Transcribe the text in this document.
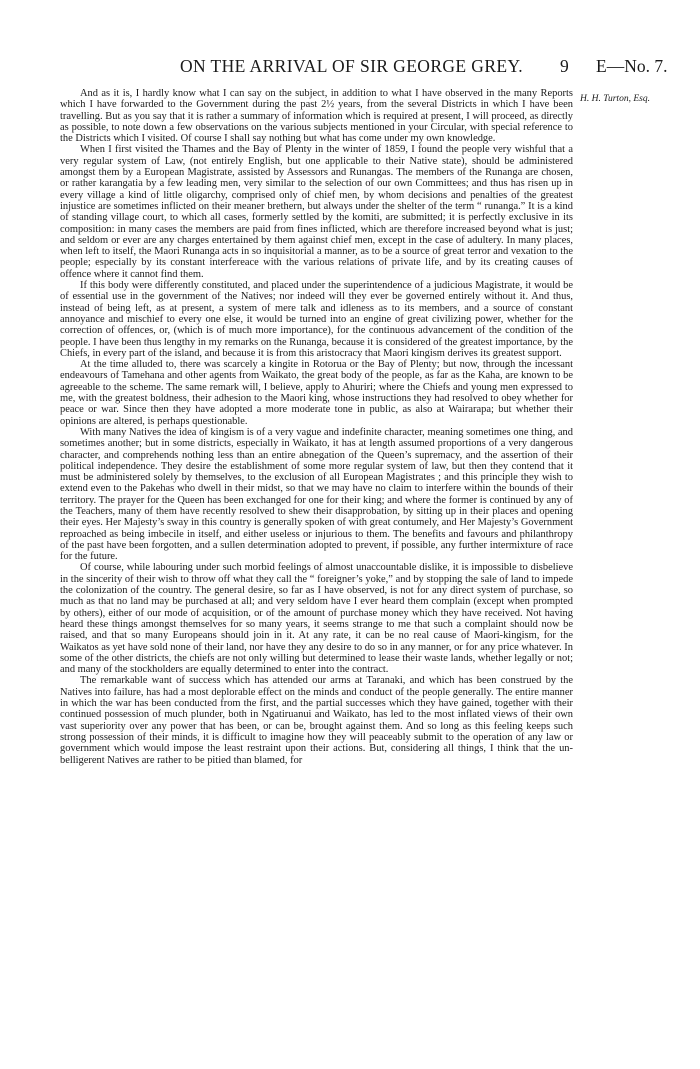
ON THE ARRIVAL OF SIR GEORGE GREY. 9 E—No. 7.
H. H. Turton, Esq.

And as it is, I hardly know what I can say on the subject, in addition to what I have observed in the many Reports which I have forwarded to the Government during the past 2½ years, from the several Districts in which I have been travelling. But as you say that it is rather a summary of information which is required at present, I will proceed, as directly as possible, to note down a few observations on the various subjects mentioned in your Circular, with special reference to the Districts which I visited. Of course I shall say nothing but what has come under my own knowledge.

When I first visited the Thames and the Bay of Plenty in the winter of 1859, I found the people very wishful that a very regular system of Law, (not entirely English, but one applicable to their Native state), should be administered amongst them by a European Magistrate, assisted by Assessors and Runangas. The members of the Runanga are chosen, or rather karangatia by a few leading men, very similar to the selection of our own Committees; and thus has risen up in every village a kind of little oligarchy, comprised only of chief men, by whom decisions and penalties of the greatest injustice are sometimes inflicted on their meaner brethern, but always under the shelter of the term “ runanga.” It is a kind of standing village court, to which all cases, formerly settled by the komiti, are submitted; it is perfectly exclusive in its composition: in many cases the members are paid from fines inflicted, which are therefore increased beyond what is just; and seldom or ever are any charges entertained by them against chief men, except in the case of adultery. In many places, when left to itself, the Maori Runanga acts in so inquisitorial a manner, as to be a source of great terror and vexation to the people; especially by its constant interfereace with the various relations of private life, and by its creating causes of offence where it cannot find them.

If this body were differently constituted, and placed under the superintendence of a judicious Magistrate, it would be of essential use in the government of the Natives; nor indeed will they ever be governed entirely without it. And thus, instead of being left, as at present, a system of mere talk and idleness as to its members, and a source of constant annoyance and mischief to every one else, it would be turned into an engine of great civilizing power, whether for the correction of offences, or, (which is of much more importance), for the continuous advancement of the condition of the people. I have been thus lengthy in my remarks on the Runanga, because it is considered of the greatest importance, by the Chiefs, in every part of the island, and because it is from this aristocracy that Maori kingism derives its greatest support.

At the time alluded to, there was scarcely a kingite in Rotorua or the Bay of Plenty; but now, through the incessant endeavours of Tamehana and other agents from Waikato, the great body of the people, as far as the Kaha, are known to be agreeable to the scheme. The same remark will, I believe, apply to Ahuriri; where the Chiefs and young men expressed to me, with the greatest boldness, their adhesion to the Maori king, whose instructions they had resolved to obey whether for peace or war. Since then they have adopted a more moderate tone in public, as also at Wairarapa; but whether their opinions are altered, is perhaps questionable.

With many Natives the idea of kingism is of a very vague and indefinite character, meaning sometimes one thing, and sometimes another; but in some districts, especially in Waikato, it has at length assumed proportions of a very dangerous character, and comprehends nothing less than an entire abnegation of the Queen’s supremacy, and the assertion of their political independence. They desire the establishment of some more regular system of law, but then they contend that it must be administered solely by themselves, to the exclusion of all European Magistrates ; and this principle they wish to extend even to the Pakehas who dwell in their midst, so that we may have no claim to interfere within the bounds of their territory. The prayer for the Queen has been exchanged for one for their king; and where the former is continued by any of the Teachers, many of them have recently resolved to shew their disapprobation, by sitting up in their places and opening their eyes. Her Majesty’s sway in this country is generally spoken of with great contumely, and Her Majesty’s Government reproached as being imbecile in itself, and either useless or injurious to them. The benefits and favours and philanthropy of the past have been forgotten, and a sullen determination adopted to prevent, if possible, any further intermixture of race for the future.

Of course, while labouring under such morbid feelings of almost unaccountable dislike, it is impossible to disbelieve in the sincerity of their wish to throw off what they call the “ foreigner’s yoke,” and by stopping the sale of land to impede the colonization of the country. The general desire, so far as I have observed, is not for any direct system of purchase, so much as that no land may be purchased at all; and very seldom have I ever heard them complain (except when prompted by others), either of our mode of acquisition, or of the amount of purchase money which they have received. Not having heard these things amongst themselves for so many years, it seems strange to me that such a complaint should now be raised, and that so many Europeans should join in it. At any rate, it can be no real cause of Maori-kingism, for the Waikatos as yet have sold none of their land, nor have they any desire to do so in any manner, or for any price whatever. In some of the other districts, the chiefs are not only willing but determined to lease their waste lands, whether legally or not; and many of the stockholders are equally determined to enter into the contract.

The remarkable want of success which has attended our arms at Taranaki, and which has been construed by the Natives into failure, has had a most deplorable effect on the minds and conduct of the people generally. The entire manner in which the war has been conducted from the first, and the partial successes which they have gained, together with their continued possession of much plunder, both in Ngatiruanui and Waikato, has led to the most inflated views of their own vast superiority over any power that has been, or can be, brought against them. And so long as this feeling keeps such strong possession of their minds, it is difficult to imagine how they will peaceably submit to the operation of any law or government which would impose the least restraint upon their actions. But, considering all things, I think that the un-belligerent Natives are rather to be pitied than blamed, for
